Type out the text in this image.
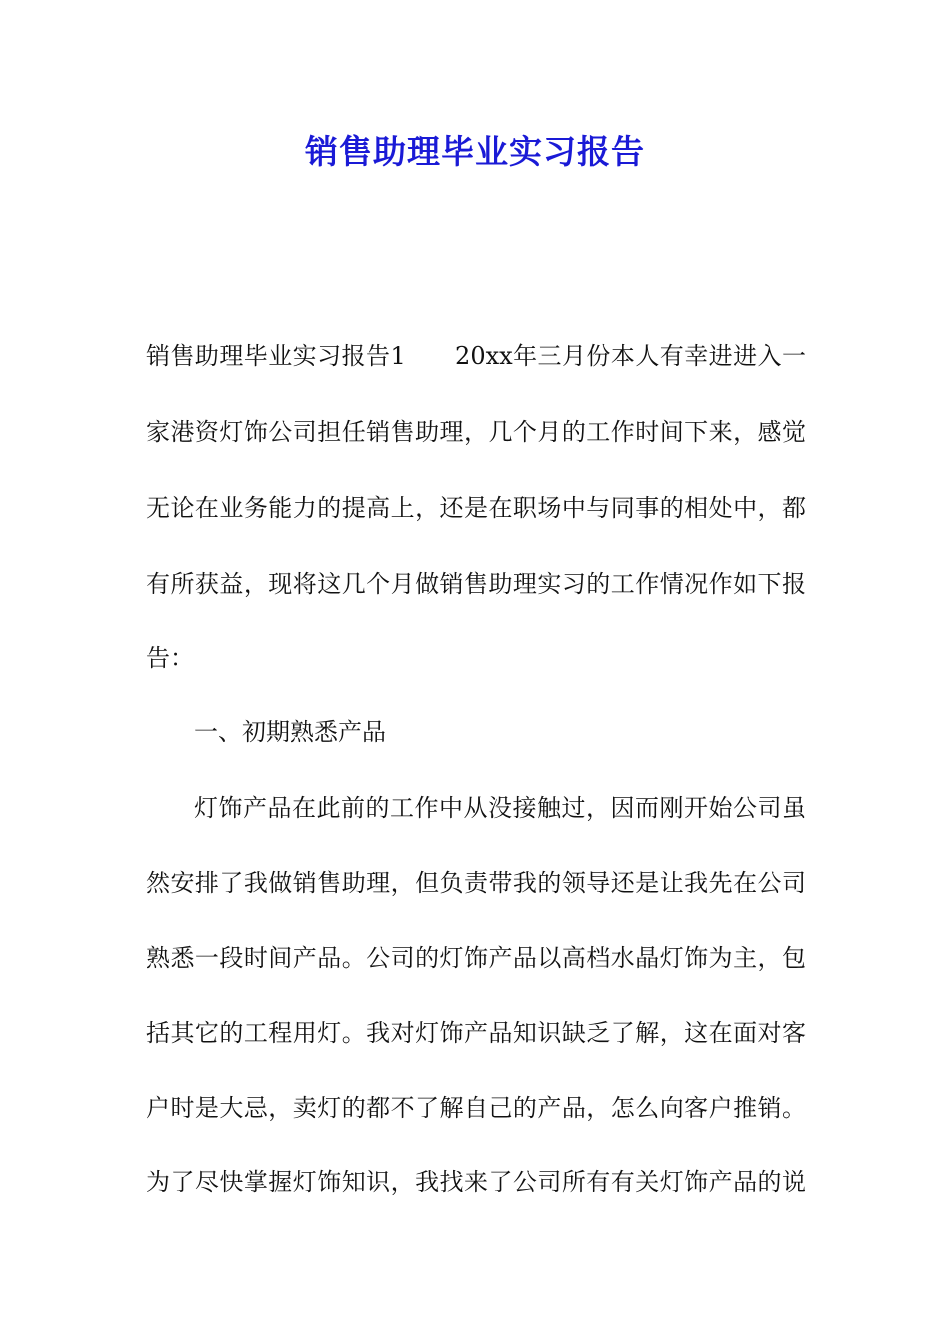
销售助理毕业实习报告

销售助理毕业实习报告1　　20xx年三月份本人有幸进进入一

家港资灯饰公司担任销售助理，几个月的工作时间下来，感觉

无论在业务能力的提高上，还是在职场中与同事的相处中，都

有所获益，现将这几个月做销售助理实习的工作情况作如下报

告：

一、初期熟悉产品

灯饰产品在此前的工作中从没接触过，因而刚开始公司虽

然安排了我做销售助理，但负责带我的领导还是让我先在公司

熟悉一段时间产品。公司的灯饰产品以高档水晶灯饰为主，包

括其它的工程用灯。我对灯饰产品知识缺乏了解，这在面对客

户时是大忌，卖灯的都不了解自己的产品，怎么向客户推销。

为了尽快掌握灯饰知识，我找来了公司所有有关灯饰产品的说
